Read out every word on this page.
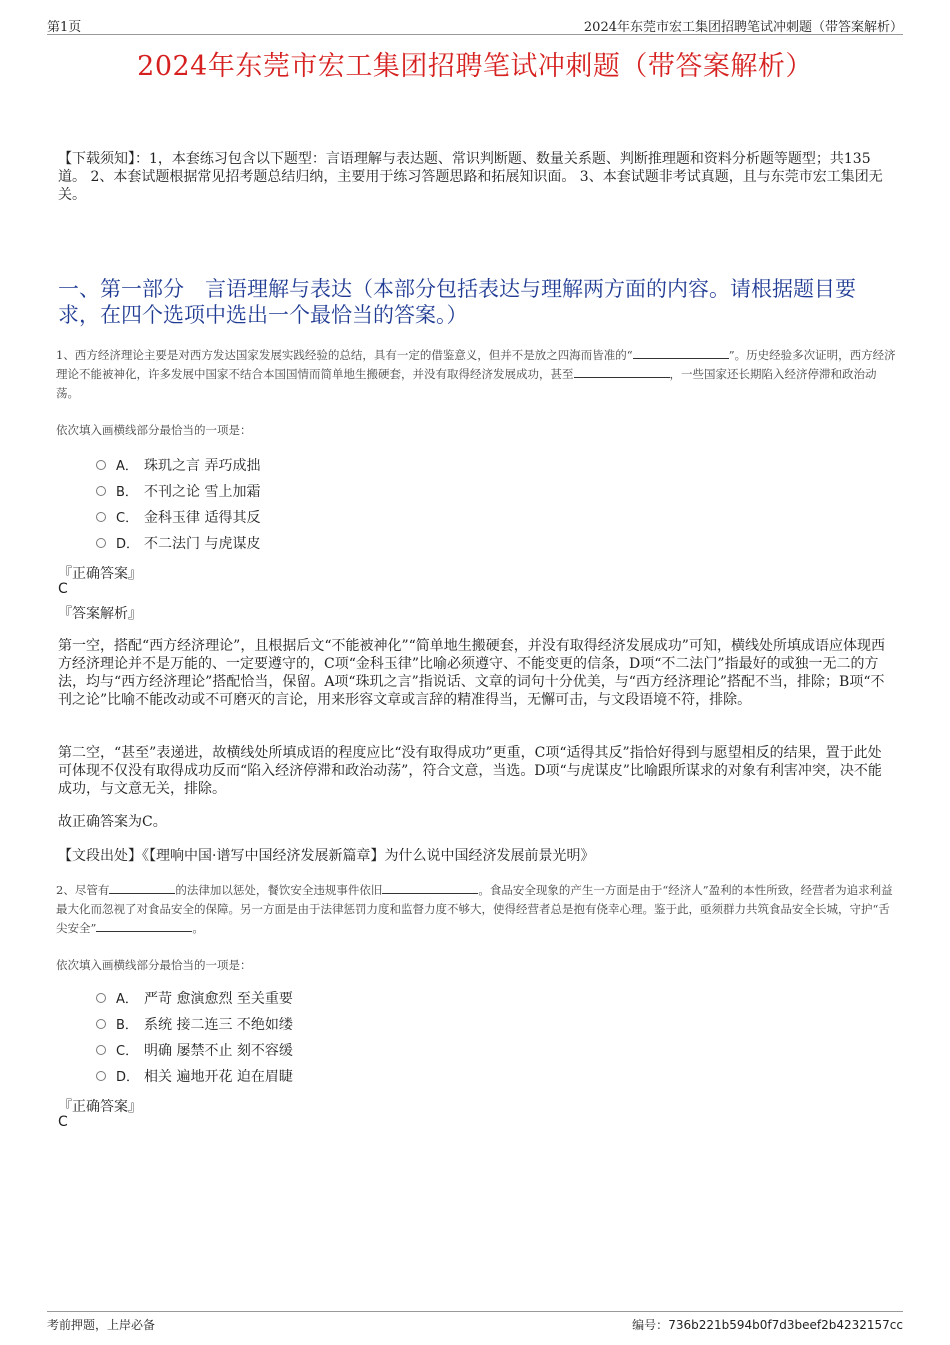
第1页	2024年东莞市宏工集团招聘笔试冲刺题（带答案解析）
2024年东莞市宏工集团招聘笔试冲刺题（带答案解析）
【下载须知】：1，本套练习包含以下题型：言语理解与表达题、常识判断题、数量关系题、判断推理题和资料分析题等题型；共135道。 2、本套试题根据常见招考题总结归纳，主要用于练习答题思路和拓展知识面。 3、本套试题非考试真题，且与东莞市宏工集团无关。
一、第一部分　言语理解与表达（本部分包括表达与理解两方面的内容。请根据题目要求，在四个选项中选出一个最恰当的答案。）
1、西方经济理论主要是对西方发达国家发展实践经验的总结，具有一定的借鉴意义，但并不是放之四海而皆准的“	”。历史经验多次证明，西方经济理论不能被神化，许多发展中国家不结合本国国情而简单地生搬硬套，并没有取得经济发展成功，甚至	，一些国家还长期陷入经济停滞和政治动荡。
依次填入画横线部分最恰当的一项是：
A． 珠玑之言 弄巧成拙
B． 不刊之论 雪上加霜
C． 金科玉律 适得其反
D． 不二法门 与虎谋皮
『正确答案』
C
『答案解析』
第一空，搭配“西方经济理论”，且根据后文“不能被神化”“简单地生搬硬套，并没有取得经济发展成功”可知，横线处所填成语应体现西方经济理论并不是万能的、一定要遵守的，C项“金科玉律”比喻必须遵守、不能变更的信条，D项“不二法门”指最好的或独一无二的方法，均与“西方经济理论”搭配恰当，保留。A项“珠玑之言”指说话、文章的词句十分优美，与“西方经济理论”搭配不当，排除；B项“不刊之论”比喻不能改动或不可磨灭的言论，用来形容文章或言辞的精准得当，无懈可击，与文段语境不符，排除。
第二空，“甚至”表递进，故横线处所填成语的程度应比“没有取得成功”更重，C项“适得其反”指恰好得到与愿望相反的结果，置于此处可体现不仅没有取得成功反而“陷入经济停滞和政治动荡”，符合文意，当选。D项“与虎谋皮”比喻跟所谋求的对象有利害冲突，决不能成功，与文意无关，排除。
故正确答案为C。
【文段出处】《【理响中国·谱写中国经济发展新篇章】为什么说中国经济发展前景光明》
2、尽管有	的法律加以惩处，餐饮安全违规事件依旧	。食品安全现象的产生一方面是由于“经济人”盈利的本性所致，经营者为追求利益最大化而忽视了对食品安全的保障。另一方面是由于法律惩罚力度和监督力度不够大，使得经营者总是抱有侥幸心理。鉴于此，亟须群力共筑食品安全长城，守护“舌尖安全”	。
依次填入画横线部分最恰当的一项是：
A． 严苛 愈演愈烈 至关重要
B． 系统 接二连三 不绝如缕
C． 明确 屡禁不止 刻不容缓
D． 相关 遍地开花 迫在眉睫
『正确答案』
C
考前押题，上岸必备	编号：736b221b594b0f7d3beef2b4232157cc
